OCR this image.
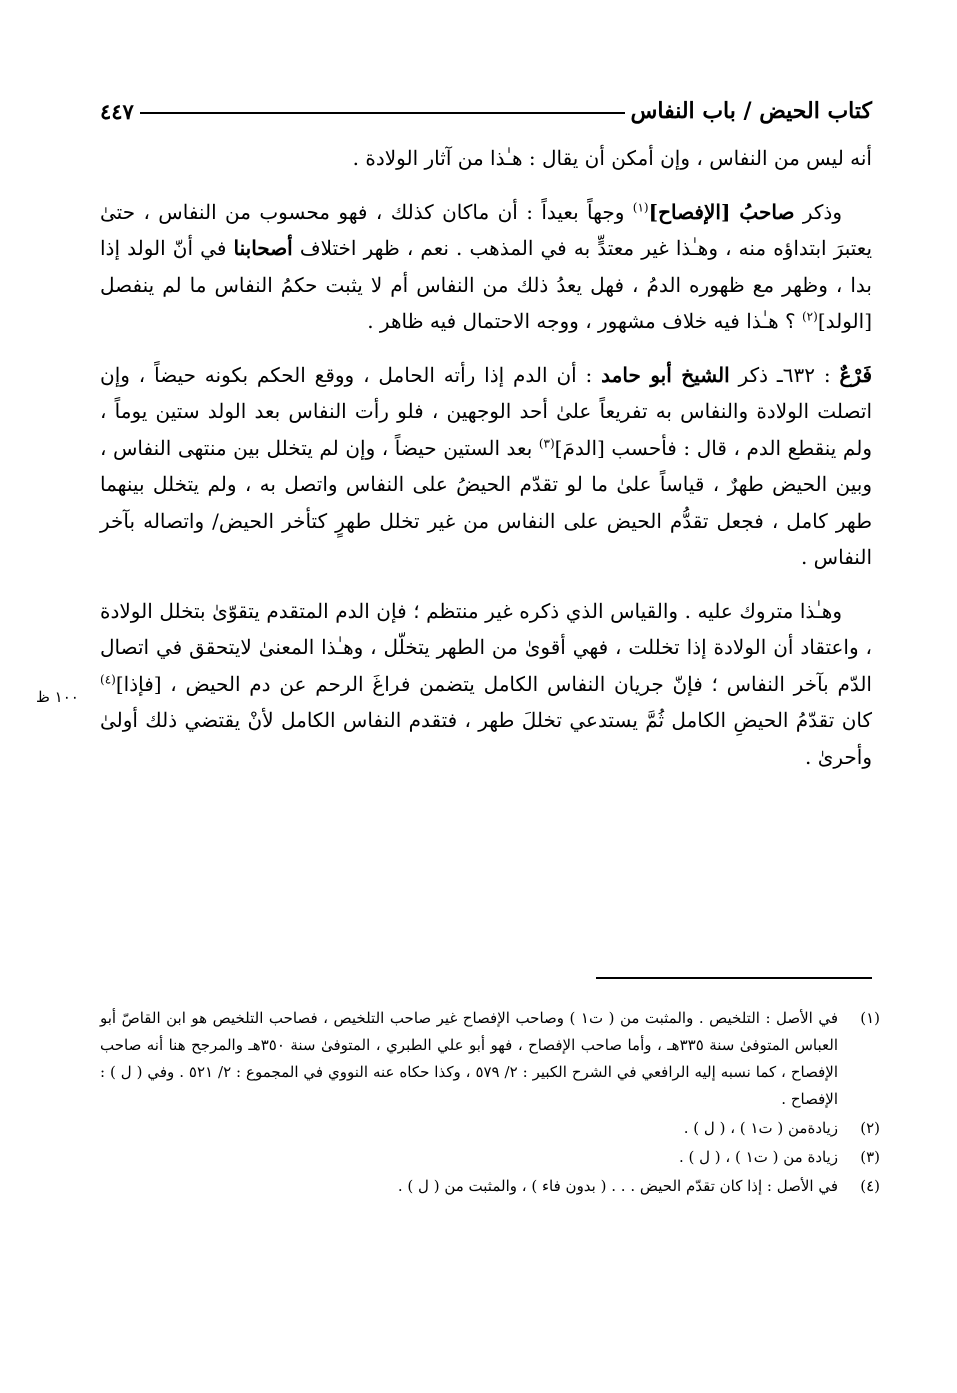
كتاب الحيض / باب النفاس
٤٤٧
١٠٠ ظ

أنه ليس من النفاس ، وإن أمكن أن يقال : هـٰذا من آثار الولادة .

وذكر صاحبُ [الإفصاح]$^{(١)}$ وجهاً بعيداً : أن ماكان كذلك ، فهو محسوب من النفاس ، حتىٰ يعتبرَ ابتداؤه منه ، وهـٰذا غير معتدٍّ به في المذهب . نعم ، ظهر اختلاف أصحابنا في أنّ الولد إذا بدا ، وظهر مع ظهوره الدمُ ، فهل يعدُ ذلك من النفاس أم لا يثبت حكمُ النفاس ما لم ينفصل [الولد]$^{(٢)}$ ؟ هـٰذا فيه خلاف مشهور ، ووجه الاحتمال فيه ظاهر .

فَرْعٌ : ٦٣٢ـ ذكر الشيخ أبو حامد : أن الدم إذا رأته الحامل ، ووقع الحكم بكونه حيضاً ، وإن اتصلت الولادة والنفاس به تفريعاً علىٰ أحد الوجهين ، فلو رأت النفاس بعد الولد ستين يوماً ، ولم ينقطع الدم ، قال : فأحسب [الدمَ]$^{(٣)}$ بعد الستين حيضاً ، وإن لم يتخلل بين منتهى النفاس ، وبين الحيض طهرٌ ، قياساً علىٰ ما لو تقدّم الحيضُ على النفاس واتصل به ، ولم يتخلل بينهما طهر كامل ، فجعل تقدُّم الحيض على النفاس من غير تخلل طهرٍ كتأخر الحيض/ واتصاله بآخر النفاس .

وهـٰذا متروك عليه . والقياس الذي ذكره غير منتظم ؛ فإن الدم المتقدم يتقوّىٰ بتخلل الولادة ، واعتقاد أن الولادة إذا تخللت ، فهي أقوىٰ من الطهر يتخلّل ، وهـٰذا المعنىٰ لايتحقق في اتصال الدّم بآخر النفاس ؛ فإنّ جريان النفاس الكامل يتضمن فراغَ الرحم عن دم الحيض ، [فإذا]$^{(٤)}$ كان تقدّمُ الحيضِ الكامل ثُمَّ يستدعي تخللَ طهر ، فتقدم النفاس الكامل لأنْ يقتضي ذلك أولىٰ وأحرىٰ .

(١)
في الأصل : التلخيص . والمثبت من ( ت١ ) وصاحب الإفصاح غير صاحب التلخيص ، فصاحب التلخيص هو ابن القاصّ أبو العباس المتوفىٰ سنة ٣٣٥هـ ، وأما صاحب الإفصاح ، فهو أبو علي الطبري ، المتوفىٰ سنة ٣٥٠هـ والمرجح هنا أنه صاحب الإفصاح ، كما نسبه إليه الرافعي في الشرح الكبير : ٢/ ٥٧٩ ، وكذا حكاه عنه النووي في المجموع : ٢/ ٥٢١ . وفي ( ل ) : الإفصاح .
(٢)
زيادةمن ( ت١ ) ، ( ل ) .
(٣)
زيادة من ( ت١ ) ، ( ل ) .
(٤)
في الأصل : إذا كان تقدّم الحيض . . . ( بدون فاء ) ، والمثبت من ( ل ) .
